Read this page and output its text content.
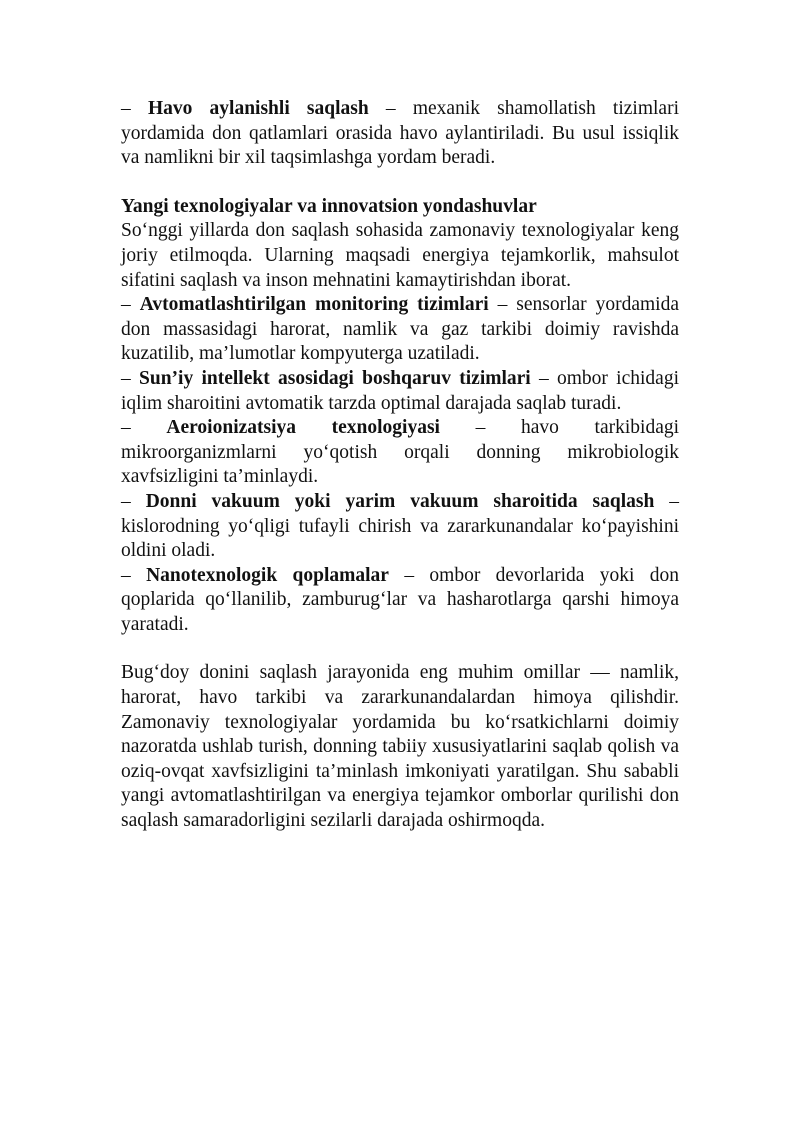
– Havo aylanishli saqlash – mexanik shamollatish tizimlari yordamida don qatlamlari orasida havo aylantiriladi. Bu usul issiqlik va namlikni bir xil taqsimlashga yordam beradi.

Yangi texnologiyalar va innovatsion yondashuvlar

So‘nggi yillarda don saqlash sohasida zamonaviy texnologiyalar keng joriy etilmoqda. Ularning maqsadi energiya tejamkorlik, mahsulot sifatini saqlash va inson mehnatini kamaytirishdan iborat.

– Avtomatlashtirilgan monitoring tizimlari – sensorlar yordamida don massasidagi harorat, namlik va gaz tarkibi doimiy ravishda kuzatilib, ma’lumotlar kompyuterga uzatiladi.

– Sun’iy intellekt asosidagi boshqaruv tizimlari – ombor ichidagi iqlim sharoitini avtomatik tarzda optimal darajada saqlab turadi.

– Aeroionizatsiya texnologiyasi – havo tarkibidagi mikroorganizmlarni yo‘qotish orqali donning mikrobiologik xavfsizligini ta’minlaydi.

– Donni vakuum yoki yarim vakuum sharoitida saqlash – kislorodning yo‘qligi tufayli chirish va zararkunandalar ko‘payishini oldini oladi.

– Nanotexnologik qoplamalar – ombor devorlarida yoki don qoplarida qo‘llanilib, zamburug‘lar va hasharotlarga qarshi himoya yaratadi.

Bug‘doy donini saqlash jarayonida eng muhim omillar — namlik, harorat, havo tarkibi va zararkunandalardan himoya qilishdir. Zamonaviy texnologiyalar yordamida bu ko‘rsatkichlarni doimiy nazoratda ushlab turish, donning tabiiy xususiyatlarini saqlab qolish va oziq-ovqat xavfsizligini ta’minlash imkoniyati yaratilgan. Shu sababli yangi avtomatlashtirilgan va energiya tejamkor omborlar qurilishi don saqlash samaradorligini sezilarli darajada oshirmoqda.
